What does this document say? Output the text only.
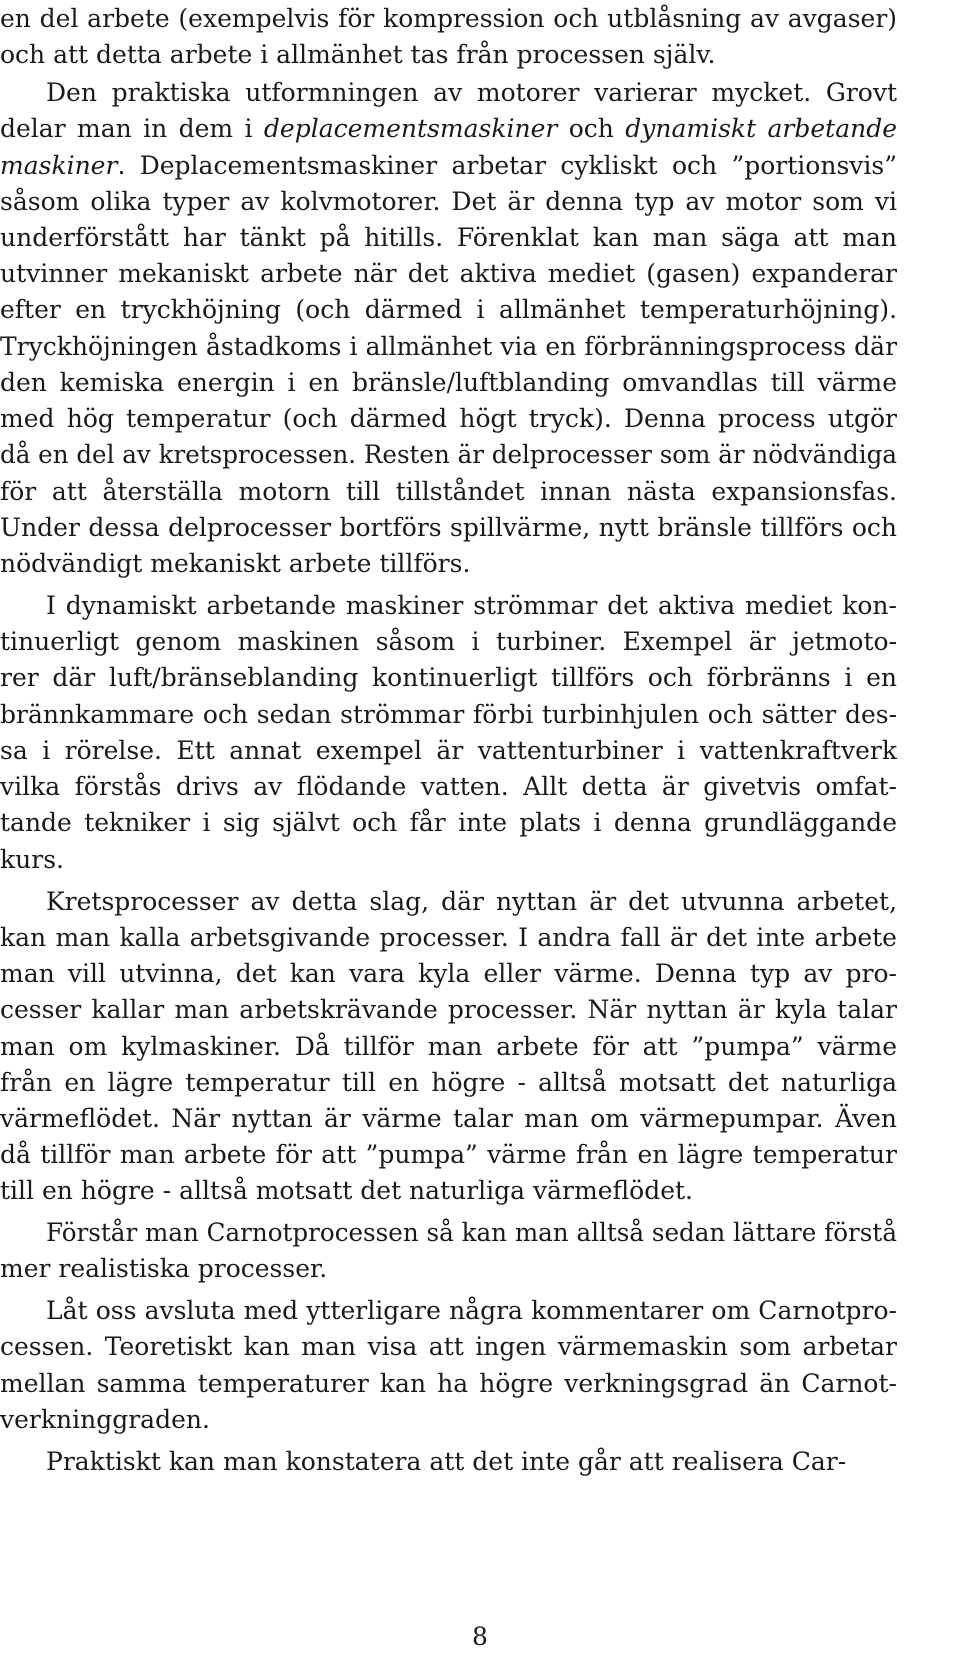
en del arbete (exempelvis för kompression och utblåsning av avgaser)
och att detta arbete i allmänhet tas från processen själv.
Den praktiska utformningen av motorer varierar mycket. Grovt
delar man in dem i deplacementsmaskiner och dynamiskt arbetande
maskiner. Deplacementsmaskiner arbetar cykliskt och ”portionsvis”
såsom olika typer av kolvmotorer. Det är denna typ av motor som vi
underförstått har tänkt på hitills. Förenklat kan man säga att man
utvinner mekaniskt arbete när det aktiva mediet (gasen) expanderar
efter en tryckhöjning (och därmed i allmänhet temperaturhöjning).
Tryckhöjningen åstadkoms i allmänhet via en förbränningsprocess där
den kemiska energin i en bränsle/luftblanding omvandlas till värme
med hög temperatur (och därmed högt tryck). Denna process utgör
då en del av kretsprocessen. Resten är delprocesser som är nödvändiga
för att återställa motorn till tillståndet innan nästa expansionsfas.
Under dessa delprocesser bortförs spillvärme, nytt bränsle tillförs och
nödvändigt mekaniskt arbete tillförs.
I dynamiskt arbetande maskiner strömmar det aktiva mediet kon-
tinuerligt genom maskinen såsom i turbiner. Exempel är jetmoto-
rer där luft/bränseblanding kontinuerligt tillförs och förbränns i en
brännkammare och sedan strömmar förbi turbinhjulen och sätter des-
sa i rörelse. Ett annat exempel är vattenturbiner i vattenkraftverk
vilka förstås drivs av flödande vatten. Allt detta är givetvis omfat-
tande tekniker i sig självt och får inte plats i denna grundläggande
kurs.
Kretsprocesser av detta slag, där nyttan är det utvunna arbetet,
kan man kalla arbetsgivande processer. I andra fall är det inte arbete
man vill utvinna, det kan vara kyla eller värme. Denna typ av pro-
cesser kallar man arbetskrävande processer. När nyttan är kyla talar
man om kylmaskiner. Då tillför man arbete för att ”pumpa” värme
från en lägre temperatur till en högre - alltså motsatt det naturliga
värmeflödet. När nyttan är värme talar man om värmepumpar. Även
då tillför man arbete för att ”pumpa” värme från en lägre temperatur
till en högre - alltså motsatt det naturliga värmeflödet.
Förstår man Carnotprocessen så kan man alltså sedan lättare förstå
mer realistiska processer.
Låt oss avsluta med ytterligare några kommentarer om Carnotpro-
cessen. Teoretiskt kan man visa att ingen värmemaskin som arbetar
mellan samma temperaturer kan ha högre verkningsgrad än Carnot-
verkninggraden.
Praktiskt kan man konstatera att det inte går att realisera Car-
8
